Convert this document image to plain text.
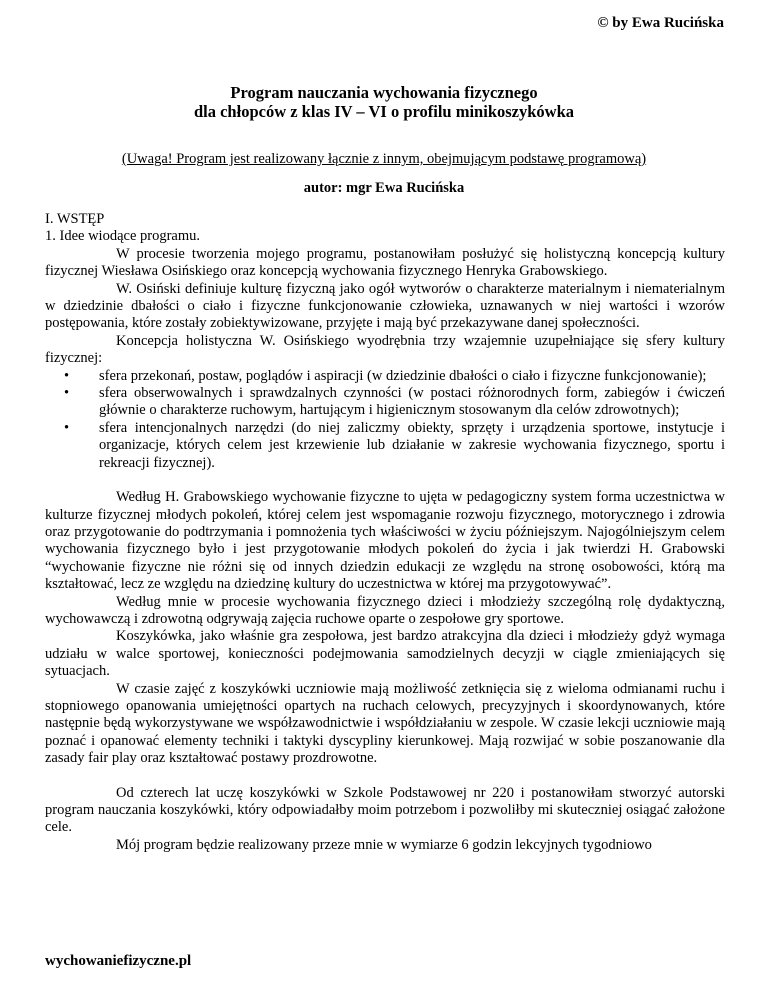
© by Ewa Rucińska
Program nauczania wychowania fizycznego
dla chłopców z klas IV – VI o profilu minikoszykówka
(Uwaga! Program jest realizowany łącznie z innym, obejmującym podstawę programową)
autor: mgr Ewa Rucińska

I. WSTĘP

1. Idee wiodące programu.

W procesie tworzenia mojego programu, postanowiłam posłużyć się holistyczną koncepcją kultury fizycznej Wiesława Osińskiego oraz koncepcją wychowania fizycznego Henryka Grabowskiego.

W. Osiński definiuje kulturę fizyczną jako ogół wytworów o charakterze materialnym i niematerialnym w dziedzinie dbałości o ciało i fizyczne funkcjonowanie człowieka, uznawanych w niej wartości i wzorów postępowania, które zostały zobiektywizowane, przyjęte i mają być przekazywane danej społeczności.

Koncepcja holistyczna W. Osińskiego wyodrębnia trzy wzajemnie uzupełniające się sfery kultury fizycznej:

• sfera przekonań, postaw, poglądów i aspiracji (w dziedzinie dbałości o ciało i fizyczne funkcjonowanie);
• sfera obserwowalnych i sprawdzalnych czynności (w postaci różnorodnych form, zabiegów i ćwiczeń głównie o charakterze ruchowym, hartującym i higienicznym stosowanym dla celów zdrowotnych);
• sfera intencjonalnych narzędzi (do niej zaliczmy obiekty, sprzęty i urządzenia sportowe, instytucje i organizacje, których celem jest krzewienie lub działanie w zakresie wychowania fizycznego, sportu i rekreacji fizycznej).

Według H. Grabowskiego wychowanie fizyczne to ujęta w pedagogiczny system forma uczestnictwa w kulturze fizycznej młodych pokoleń, której celem jest wspomaganie rozwoju fizycznego, motorycznego i zdrowia oraz przygotowanie do podtrzymania i pomnożenia tych właściwości w życiu późniejszym. Najogólniejszym celem wychowania fizycznego było i jest przygotowanie młodych pokoleń do życia i jak twierdzi H. Grabowski “wychowanie fizyczne nie różni się od innych dziedzin edukacji ze względu na stronę osobowości, którą ma kształtować, lecz ze względu na dziedzinę kultury do uczestnictwa w której ma przygotowywać”.

Według mnie w procesie wychowania fizycznego dzieci i młodzieży szczególną rolę dydaktyczną, wychowawczą i zdrowotną odgrywają zajęcia ruchowe oparte o zespołowe gry sportowe.

Koszykówka, jako właśnie gra zespołowa, jest bardzo atrakcyjna dla dzieci i młodzieży gdyż wymaga udziału w walce sportowej, konieczności podejmowania samodzielnych decyzji w ciągle zmieniających się sytuacjach.

W czasie zajęć z koszykówki uczniowie mają możliwość zetknięcia się z wieloma odmianami ruchu i stopniowego opanowania umiejętności opartych na ruchach celowych, precyzyjnych i skoordynowanych, które następnie będą wykorzystywane we współzawodnictwie i współdziałaniu w zespole. W czasie lekcji uczniowie mają poznać i opanować elementy techniki i taktyki dyscypliny kierunkowej. Mają rozwijać w sobie poszanowanie dla zasady fair play oraz kształtować postawy prozdrowotne.

Od czterech lat uczę koszykówki w Szkole Podstawowej nr 220 i postanowiłam stworzyć autorski program nauczania koszykówki, który odpowiadałby moim potrzebom i pozwoliłby mi skuteczniej osiągać założone cele.

Mój program będzie realizowany przeze mnie w wymiarze 6 godzin lekcyjnych tygodniowo

wychowaniefizyczne.pl
